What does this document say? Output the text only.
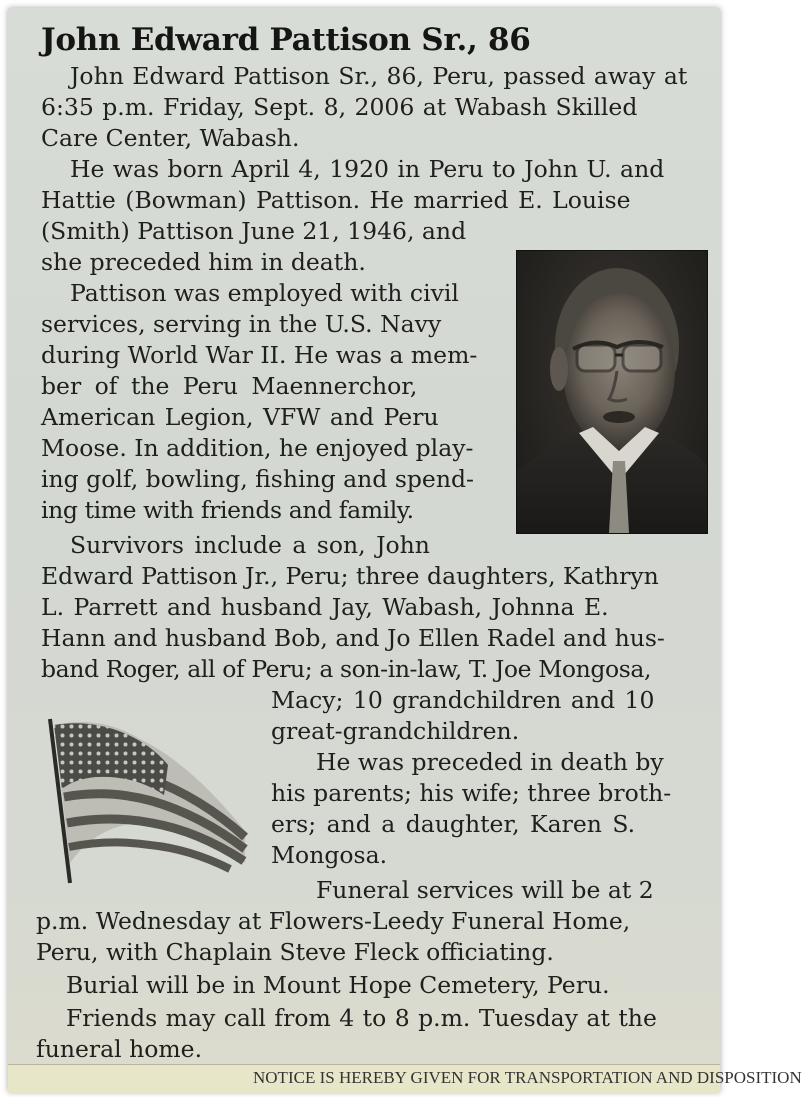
John Edward Pattison Sr., 86
John Edward Pattison Sr., 86, Peru, passed away at
6:35 p.m. Friday, Sept. 8, 2006 at Wabash Skilled
Care Center, Wabash.
He was born April 4, 1920 in Peru to John U. and
Hattie (Bowman) Pattison. He married E. Louise
(Smith) Pattison June 21, 1946, and
she preceded him in death.
Pattison was employed with civil
services, serving in the U.S. Navy
during World War II. He was a mem-
ber of the Peru Maennerchor,
American Legion, VFW and Peru
Moose. In addition, he enjoyed play-
ing golf, bowling, fishing and spend-
ing time with friends and family.
Survivors include a son, John
Edward Pattison Jr., Peru; three daughters, Kathryn
L. Parrett and husband Jay, Wabash, Johnna E.
Hann and husband Bob, and Jo Ellen Radel and hus-
band Roger, all of Peru; a son-in-law, T. Joe Mongosa,
Macy; 10 grandchildren and 10
great-grandchildren.
He was preceded in death by
his parents; his wife; three broth-
ers; and a daughter, Karen S.
Mongosa.
Funeral services will be at 2
p.m. Wednesday at Flowers-Leedy Funeral Home,
Peru, with Chaplain Steve Fleck officiating.
Burial will be in Mount Hope Cemetery, Peru.
Friends may call from 4 to 8 p.m. Tuesday at the
funeral home.
NOTICE IS HEREBY GIVEN FOR TRANSPORTATION AND DISPOSITION
